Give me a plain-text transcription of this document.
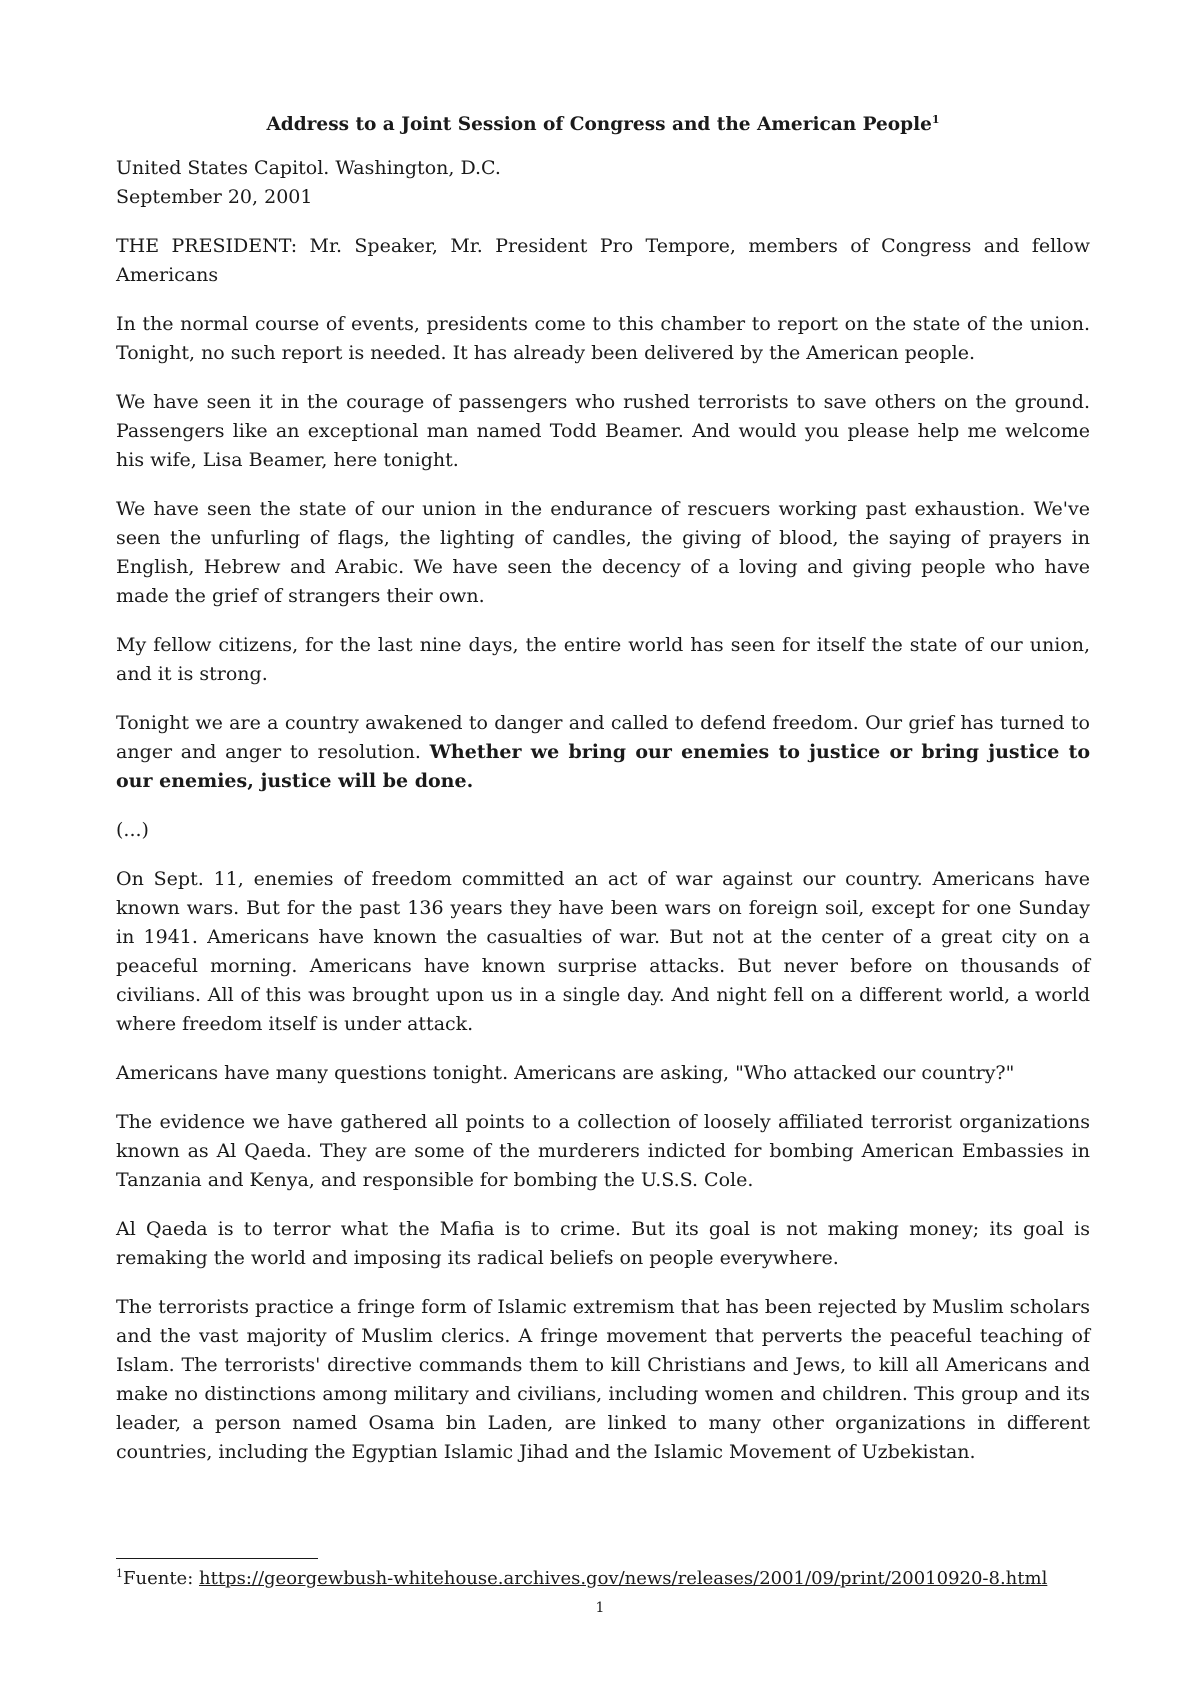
Address to a Joint Session of Congress and the American People$^1$

United States Capitol. Washington, D.C.
September 20, 2001

THE PRESIDENT: Mr. Speaker, Mr. President Pro Tempore, members of Congress and fellow Americans

In the normal course of events, presidents come to this chamber to report on the state of the union. Tonight, no such report is needed. It has already been delivered by the American people.

We have seen it in the courage of passengers who rushed terrorists to save others on the ground. Passengers like an exceptional man named Todd Beamer. And would you please help me welcome his wife, Lisa Beamer, here tonight.

We have seen the state of our union in the endurance of rescuers working past exhaustion. We've seen the unfurling of flags, the lighting of candles, the giving of blood, the saying of prayers in English, Hebrew and Arabic. We have seen the decency of a loving and giving people who have made the grief of strangers their own.

My fellow citizens, for the last nine days, the entire world has seen for itself the state of our union, and it is strong.

Tonight we are a country awakened to danger and called to defend freedom. Our grief has turned to anger and anger to resolution. Whether we bring our enemies to justice or bring justice to our enemies, justice will be done.

(...)

On Sept. 11, enemies of freedom committed an act of war against our country. Americans have known wars. But for the past 136 years they have been wars on foreign soil, except for one Sunday in 1941. Americans have known the casualties of war. But not at the center of a great city on a peaceful morning. Americans have known surprise attacks. But never before on thousands of civilians. All of this was brought upon us in a single day. And night fell on a different world, a world where freedom itself is under attack.

Americans have many questions tonight. Americans are asking, "Who attacked our country?"

The evidence we have gathered all points to a collection of loosely affiliated terrorist organizations known as Al Qaeda. They are some of the murderers indicted for bombing American Embassies in Tanzania and Kenya, and responsible for bombing the U.S.S. Cole.

Al Qaeda is to terror what the Mafia is to crime. But its goal is not making money; its goal is remaking the world and imposing its radical beliefs on people everywhere.

The terrorists practice a fringe form of Islamic extremism that has been rejected by Muslim scholars and the vast majority of Muslim clerics. A fringe movement that perverts the peaceful teaching of Islam. The terrorists' directive commands them to kill Christians and Jews, to kill all Americans and make no distinctions among military and civilians, including women and children. This group and its leader, a person named Osama bin Laden, are linked to many other organizations in different countries, including the Egyptian Islamic Jihad and the Islamic Movement of Uzbekistan.

$^1$Fuente: https://georgewbush-whitehouse.archives.gov/news/releases/2001/09/print/20010920-8.html

1
